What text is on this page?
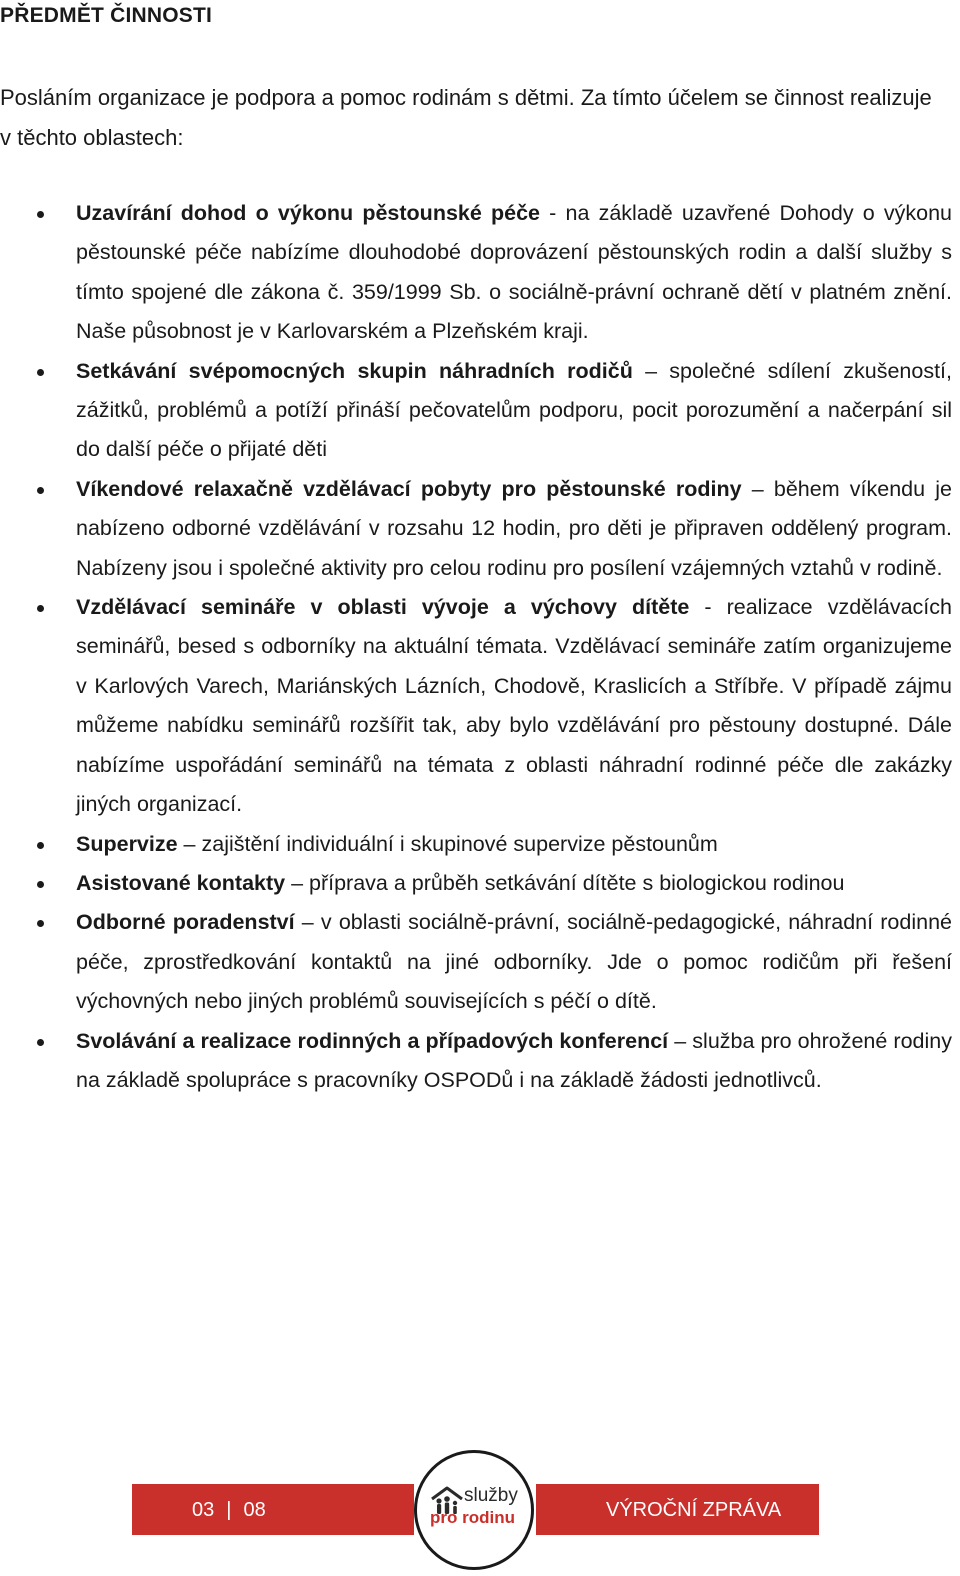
PŘEDMĚT ČINNOSTI
Posláním organizace je podpora a pomoc rodinám s dětmi. Za tímto účelem se činnost realizuje v těchto oblastech:
Uzavírání dohod o výkonu pěstounské péče - na základě uzavřené Dohody o výkonu pěstounské péče nabízíme dlouhodobé doprovázení pěstounských rodin a další služby s tímto spojené dle zákona č. 359/1999 Sb. o sociálně-právní ochraně dětí v platném znění. Naše působnost je v Karlovarském a Plzeňském kraji.
Setkávání svépomocných skupin náhradních rodičů – společné sdílení zkušeností, zážitků, problémů a potíží přináší pečovatelům podporu, pocit porozumění a načerpání sil do další péče o přijaté děti
Víkendové relaxačně vzdělávací pobyty pro pěstounské rodiny – během víkendu je nabízeno odborné vzdělávání v rozsahu 12 hodin, pro děti je připraven oddělený program. Nabízeny jsou i společné aktivity pro celou rodinu pro posílení vzájemných vztahů v rodině.
Vzdělávací semináře v oblasti vývoje a výchovy dítěte - realizace vzdělávacích seminářů, besed s odborníky na aktuální témata. Vzdělávací semináře zatím organizujeme v Karlových Varech, Mariánských Lázních, Chodově, Kraslicích a Stříbře. V případě zájmu můžeme nabídku seminářů rozšířit tak, aby bylo vzdělávání pro pěstouny dostupné. Dále nabízíme uspořádání seminářů na témata z oblasti náhradní rodinné péče dle zakázky jiných organizací.
Supervize – zajištění individuální i skupinové supervize pěstounům
Asistované kontakty – příprava a průběh setkávání dítěte s biologickou rodinou
Odborné poradenství – v oblasti sociálně-právní, sociálně-pedagogické, náhradní rodinné péče, zprostředkování kontaktů na jiné odborníky. Jde o pomoc rodičům při řešení výchovných nebo jiných problémů souvisejících s péčí o dítě.
Svolávání a realizace rodinných a případových konferencí – služba pro ohrožené rodiny na základě spolupráce s pracovníky OSPODů i na základě žádosti jednotlivců.
03 | 08	VÝROČNÍ ZPRÁVA
služby
pro rodinu
